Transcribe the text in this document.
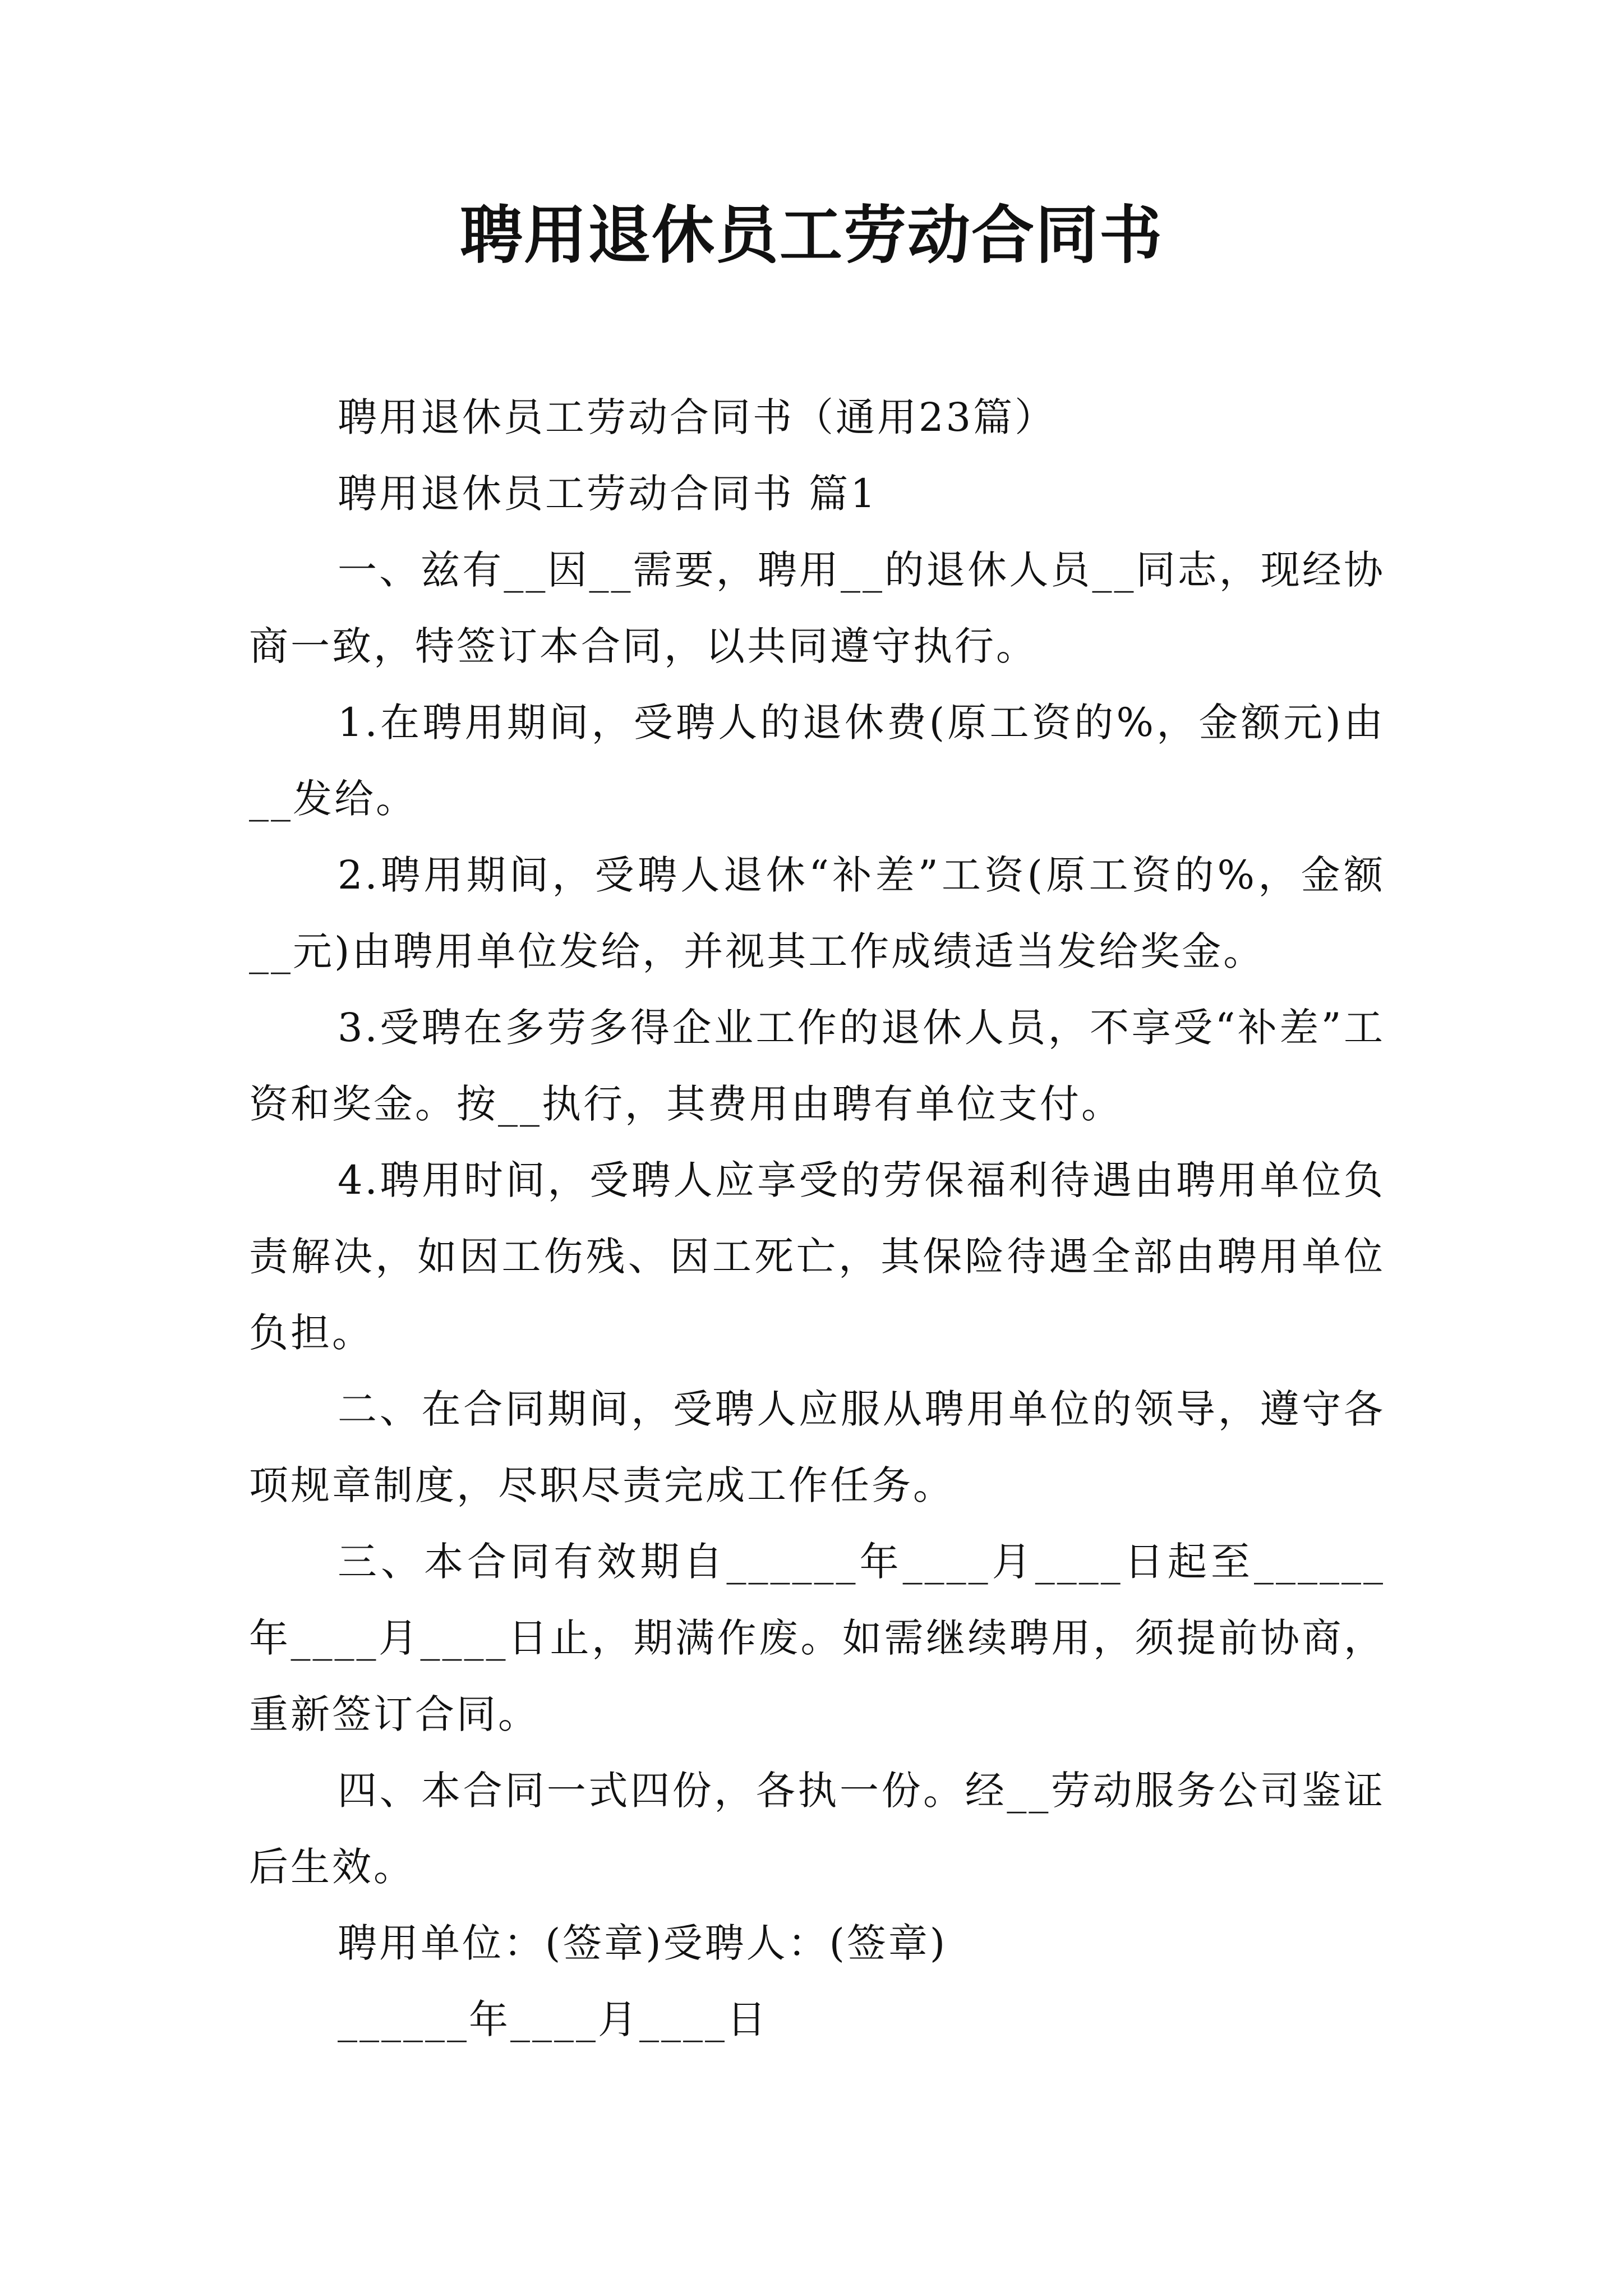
聘用退休员工劳动合同书

聘用退休员工劳动合同书（通用23篇）

聘用退休员工劳动合同书 篇1

一、兹有__因__需要，聘用__的退休人员__同志，现经协商一致，特签订本合同，以共同遵守执行。

1.在聘用期间，受聘人的退休费(原工资的%，金额元)由__发给。

2.聘用期间，受聘人退休“补差”工资(原工资的%，金额__元)由聘用单位发给，并视其工作成绩适当发给奖金。

3.受聘在多劳多得企业工作的退休人员，不享受“补差”工资和奖金。按__执行，其费用由聘有单位支付。

4.聘用时间，受聘人应享受的劳保福利待遇由聘用单位负责解决，如因工伤残、因工死亡，其保险待遇全部由聘用单位负担。

二、在合同期间，受聘人应服从聘用单位的领导，遵守各项规章制度，尽职尽责完成工作任务。

三、本合同有效期自______年____月____日起至______年____月____日止，期满作废。如需继续聘用，须提前协商，重新签订合同。

四、本合同一式四份，各执一份。经__劳动服务公司鉴证后生效。

聘用单位：(签章)受聘人：(签章)

______年____月____日
